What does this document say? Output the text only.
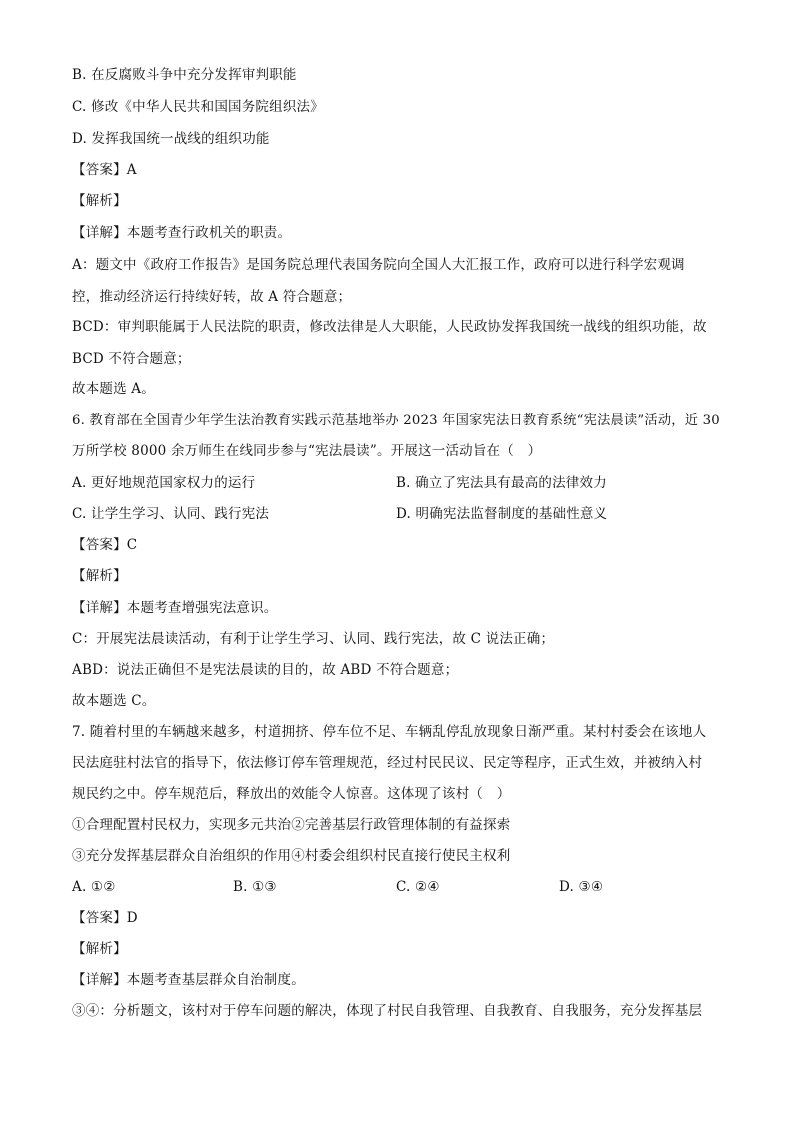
B. 在反腐败斗争中充分发挥审判职能
C. 修改《中华人民共和国国务院组织法》
D. 发挥我国统一战线的组织功能
【答案】A
【解析】
【详解】本题考查行政机关的职责。
A：题文中《政府工作报告》是国务院总理代表国务院向全国人大汇报工作，政府可以进行科学宏观调
控，推动经济运行持续好转，故 A 符合题意；
BCD：审判职能属于人民法院的职责，修改法律是人大职能，人民政协发挥我国统一战线的组织功能，故
BCD 不符合题意；
故本题选 A。
6. 教育部在全国青少年学生法治教育实践示范基地举办 2023 年国家宪法日教育系统“宪法晨读”活动，近 30
万所学校 8000 余万师生在线同步参与“宪法晨读”。开展这一活动旨在（　）
A. 更好地规范国家权力的运行	B. 确立了宪法具有最高的法律效力
C. 让学生学习、认同、践行宪法	D. 明确宪法监督制度的基础性意义
【答案】C
【解析】
【详解】本题考查增强宪法意识。
C：开展宪法晨读活动，有利于让学生学习、认同、践行宪法，故 C 说法正确；
ABD：说法正确但不是宪法晨读的目的，故 ABD 不符合题意；
故本题选 C。
7. 随着村里的车辆越来越多，村道拥挤、停车位不足、车辆乱停乱放现象日渐严重。某村村委会在该地人
民法庭驻村法官的指导下，依法修订停车管理规范，经过村民民议、民定等程序，正式生效，并被纳入村
规民约之中。停车规范后，释放出的效能令人惊喜。这体现了该村（　）
①合理配置村民权力，实现多元共治②完善基层行政管理体制的有益探索
③充分发挥基层群众自治组织的作用④村委会组织村民直接行使民主权利
A. ①②	B. ①③	C. ②④	D. ③④
【答案】D
【解析】
【详解】本题考查基层群众自治制度。
③④：分析题文，该村对于停车问题的解决，体现了村民自我管理、自我教育、自我服务，充分发挥基层
